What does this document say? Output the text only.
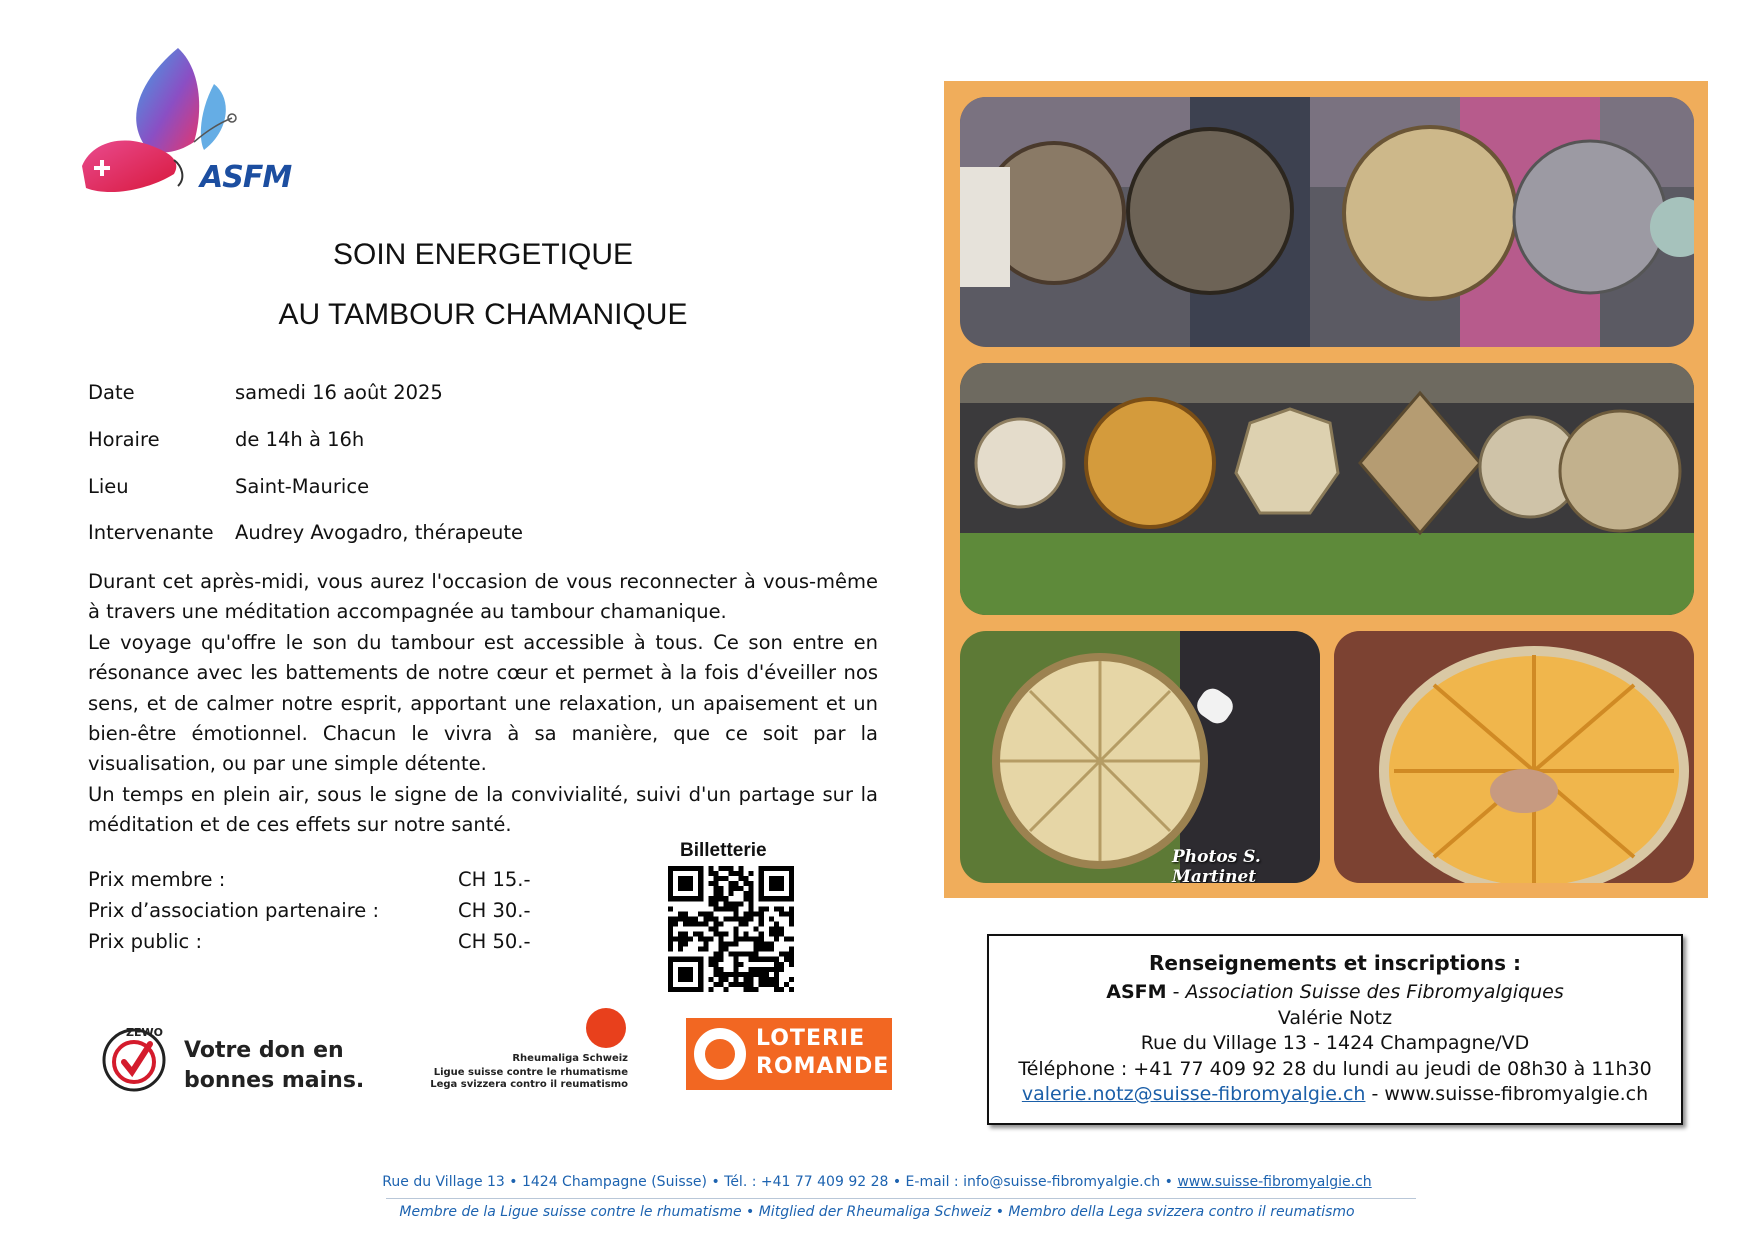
ASFM
SOIN ENERGETIQUE
AU TAMBOUR CHAMANIQUE
Date	samedi 16 août 2025
Horaire	de 14h à 16h
Lieu	Saint-Maurice
Intervenante Audrey Avogadro, thérapeute

Durant cet après-midi, vous aurez l'occasion de vous reconnecter à vous-même à travers une méditation accompagnée au tambour chamanique.

Le voyage qu'offre le son du tambour est accessible à tous. Ce son entre en résonance avec les battements de notre cœur et permet à la fois d'éveiller nos sens, et de calmer notre esprit, apportant une relaxation, un apaisement et un bien-être émotionnel. Chacun le vivra à sa manière, que ce soit par la visualisation, ou par une simple détente.

Un temps en plein air, sous le signe de la convivialité, suivi d'un partage sur la méditation et de ces effets sur notre santé.

Prix membre :	CH 15.-
Prix d’association partenaire :	CH 30.-
Prix public :	CH 50.-
Billetterie
ZEWO
Votre don en
bonnes mains.
Rheumaliga Schweiz
Ligue suisse contre le rhumatisme
Lega svizzera contro il reumatismo
LOTERIE
ROMANDE
Photos S. Martinet
Renseignements et inscriptions :
ASFM - Association Suisse des Fibromyalgiques
Valérie Notz
Rue du Village 13 - 1424 Champagne/VD
Téléphone : +41 77 409 92 28 du lundi au jeudi de 08h30 à 11h30
valerie.notz@suisse-fibromyalgie.ch - www.suisse-fibromyalgie.ch
Rue du Village 13 • 1424 Champagne (Suisse) • Tél. : +41 77 409 92 28 • E-mail : info@suisse-fibromyalgie.ch • www.suisse-fibromyalgie.ch
Membre de la Ligue suisse contre le rhumatisme • Mitglied der Rheumaliga Schweiz • Membro della Lega svizzera contro il reumatismo
